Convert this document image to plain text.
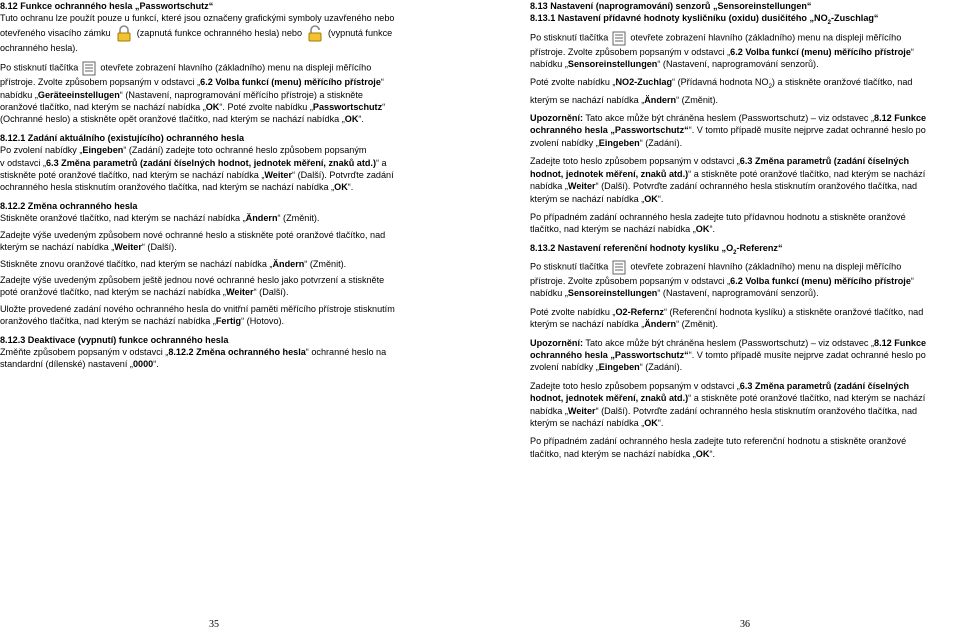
8.12 Funkce ochranného hesla „Passwortschutz“

Tuto ochranu lze použít pouze u funkcí, které jsou označeny grafickými symboly uzavřeného nebo
otevřeného visacího zámku	(zapnutá funkce ochranného hesla) nebo	(vypnutá funkce
ochranného hesla).

Po stisknutí tlačítka otevřete zobrazení hlavního (základního) menu na displeji měřícího
přístroje. Zvolte způsobem popsaným v odstavci „6.2 Volba funkcí (menu) měřícího přístroje“
nabídku „Geräteeinstellugen“ (Nastavení, naprogramování měřícího přístroje) a stiskněte
oranžové tlačítko, nad kterým se nachází nabídka „OK“. Poté zvolte nabídku „Passwortschutz“
(Ochranné heslo) a stiskněte opět oranžové tlačítko, nad kterým se nachází nabídka „OK“.

8.12.1 Zadání aktuálního (existujícího) ochranného hesla

Po zvolení nabídky „Eingeben“ (Zadání) zadejte toto ochranné heslo způsobem popsaným
v odstavci „6.3 Změna parametrů (zadání číselných hodnot, jednotek měření, znaků atd.)“ a
stiskněte poté oranžové tlačítko, nad kterým se nachází nabídka „Weiter“ (Další). Potvrďte zadání
ochranného hesla stisknutím oranžového tlačítka, nad kterým se nachází nabídka „OK“.

8.12.2 Změna ochranného hesla

Stiskněte oranžové tlačítko, nad kterým se nachází nabídka „Ändern“ (Změnit).

Zadejte výše uvedeným způsobem nové ochranné heslo a stiskněte poté oranžové tlačítko, nad
kterým se nachází nabídka „Weiter“ (Další).

Stiskněte znovu oranžové tlačítko, nad kterým se nachází nabídka „Ändern“ (Změnit).

Zadejte výše uvedeným způsobem ještě jednou nové ochranné heslo jako potvrzení a stiskněte
poté oranžové tlačítko, nad kterým se nachází nabídka „Weiter“ (Další).

Uložte provedené zadání nového ochranného hesla do vnitřní paměti měřícího přístroje stisknutím
oranžového tlačítka, nad kterým se nachází nabídka „Fertig“ (Hotovo).

8.12.3 Deaktivace (vypnutí) funkce ochranného hesla

Změňte způsobem popsaným v odstavci „8.12.2 Změna ochranného hesla“ ochranné heslo na
standardní (dílenské) nastavení „0000“.

8.13 Nastavení (naprogramování) senzorů „Sensoreinstellungen“

8.13.1 Nastavení přídavné hodnoty kysličníku (oxidu) dusičitého $„NO_2-Zuschlag“$

Po stisknutí tlačítka otevřete zobrazení hlavního (základního) menu na displeji měřícího
přístroje. Zvolte způsobem popsaným v odstavci „6.2 Volba funkcí (menu) měřícího přístroje“
nabídku „Sensoreinstellungen“ (Nastavení, naprogramování senzorů).

Poté zvolte nabídku „NO2-Zuchlag“ (Přídavná hodnota $NO_2$) a stiskněte oranžové tlačítko, nad
kterým se nachází nabídka „Ändern“ (Změnit).

Upozornění: Tato akce může být chráněna heslem (Passwortschutz) – viz odstavec „8.12 Funkce
ochranného hesla „Passwortschutz““. V tomto případě musíte nejprve zadat ochranné heslo po
zvolení nabídky „Eingeben“ (Zadání).

Zadejte toto heslo způsobem popsaným v odstavci „6.3 Změna parametrů (zadání číselných
hodnot, jednotek měření, znaků atd.)“ a stiskněte poté oranžové tlačítko, nad kterým se nachází
nabídka „Weiter“ (Další). Potvrďte zadání ochranného hesla stisknutím oranžového tlačítka, nad
kterým se nachází nabídka „OK“.

Po případném zadání ochranného hesla zadejte tuto přídavnou hodnotu a stiskněte oranžové
tlačítko, nad kterým se nachází nabídka „OK“.

8.13.2 Nastavení referenční hodnoty kyslíku $„O_2-Referenz“$

Po stisknutí tlačítka otevřete zobrazení hlavního (základního) menu na displeji měřícího
přístroje. Zvolte způsobem popsaným v odstavci „6.2 Volba funkcí (menu) měřícího přístroje“
nabídku „Sensoreinstellungen“ (Nastavení, naprogramování senzorů).

Poté zvolte nabídku „O2-Refernz“ (Referenční hodnota kyslíku) a stiskněte oranžové tlačítko, nad
kterým se nachází nabídka „Ändern“ (Změnit).

Upozornění: Tato akce může být chráněna heslem (Passwortschutz) – viz odstavec „8.12 Funkce
ochranného hesla „Passwortschutz““. V tomto případě musíte nejprve zadat ochranné heslo po
zvolení nabídky „Eingeben“ (Zadání).

Zadejte toto heslo způsobem popsaným v odstavci „6.3 Změna parametrů (zadání číselných
hodnot, jednotek měření, znaků atd.)“ a stiskněte poté oranžové tlačítko, nad kterým se nachází
nabídka „Weiter“ (Další). Potvrďte zadání ochranného hesla stisknutím oranžového tlačítka, nad
kterým se nachází nabídka „OK“.

Po případném zadání ochranného hesla zadejte tuto referenční hodnotu a stiskněte oranžové
tlačítko, nad kterým se nachází nabídka „OK“.

35	36
